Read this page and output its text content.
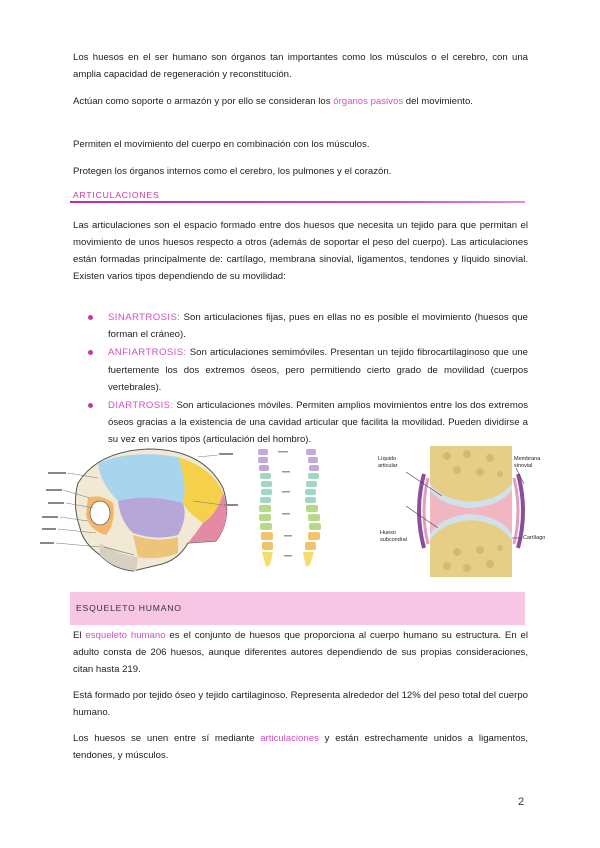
Los huesos en el ser humano son órganos tan importantes como los músculos o el cerebro, con una amplia capacidad de regeneración y reconstitución.

Actúan como soporte o armazón y por ello se consideran los órganos pasivos del movimiento.

Permiten el movimiento del cuerpo en combinación con los músculos.

Protegen los órganos internos como el cerebro, los pulmones y el corazón.

ARTICULACIONES

Las articulaciones son el espacio formado entre dos huesos que necesita un tejido para que permitan el movimiento de unos huesos respecto a otros (además de soportar el peso del cuerpo). Las articulaciones están formadas principalmente de: cartílago, membrana sinovial, ligamentos, tendones y líquido sinovial. Existen varios tipos dependiendo de su movilidad:

SINARTROSIS: Son articulaciones fijas, pues en ellas no es posible el movimiento (huesos que forman el cráneo).
ANFIARTROSIS: Son articulaciones semimóviles. Presentan un tejido fibrocartilaginoso que une fuertemente los dos extremos óseos, pero permitiendo cierto grado de movilidad (cuerpos vertebrales).
DIARTROSIS: Son articulaciones móviles. Permiten amplios movimientos entre los dos extremos óseos gracias a la existencia de una cavidad articular que facilita la movilidad. Pueden dividirse a su vez en varios tipos (articulación del hombro).
Líquido articular
Membrana sinovial
Hueso subcondral	Cartílago
ESQUELETO HUMANO

El esqueleto humano es el conjunto de huesos que proporciona al cuerpo humano su estructura. En el adulto consta de 206 huesos, aunque diferentes autores dependiendo de sus propias consideraciones, citan hasta 219.

Está formado por tejido óseo y tejido cartilaginoso. Representa alrededor del 12% del peso total del cuerpo humano.

Los huesos se unen entre sí mediante articulaciones y están estrechamente unidos a ligamentos, tendones, y músculos.

2
